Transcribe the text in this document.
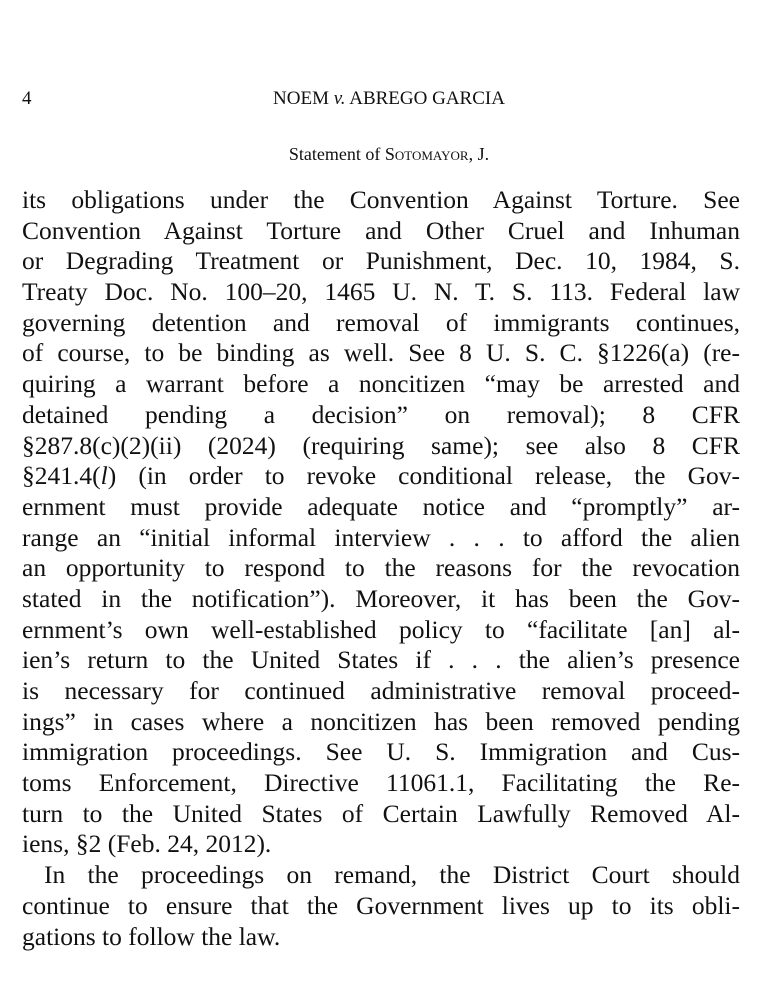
4	NOEM v. ABREGO GARCIA
Statement of Sotomayor, J.
its obligations under the Convention Against Torture. See
Convention Against Torture and Other Cruel and Inhuman
or Degrading Treatment or Punishment, Dec. 10, 1984, S.
Treaty Doc. No. 100–20, 1465 U. N. T. S. 113. Federal law
governing detention and removal of immigrants continues,
of course, to be binding as well. See 8 U. S. C. §1226(a) (re-
quiring a warrant before a noncitizen “may be arrested and
detained pending a decision” on removal); 8 CFR
§287.8(c)(2)(ii) (2024) (requiring same); see also 8 CFR
§241.4(l) (in order to revoke conditional release, the Gov-
ernment must provide adequate notice and “promptly” ar-
range an “initial informal interview . . . to afford the alien
an opportunity to respond to the reasons for the revocation
stated in the notification”). Moreover, it has been the Gov-
ernment’s own well-established policy to “facilitate [an] al-
ien’s return to the United States if . . . the alien’s presence
is necessary for continued administrative removal proceed-
ings” in cases where a noncitizen has been removed pending
immigration proceedings. See U. S. Immigration and Cus-
toms Enforcement, Directive 11061.1, Facilitating the Re-
turn to the United States of Certain Lawfully Removed Al-
iens, §2 (Feb. 24, 2012).
In the proceedings on remand, the District Court should
continue to ensure that the Government lives up to its obli-
gations to follow the law.
